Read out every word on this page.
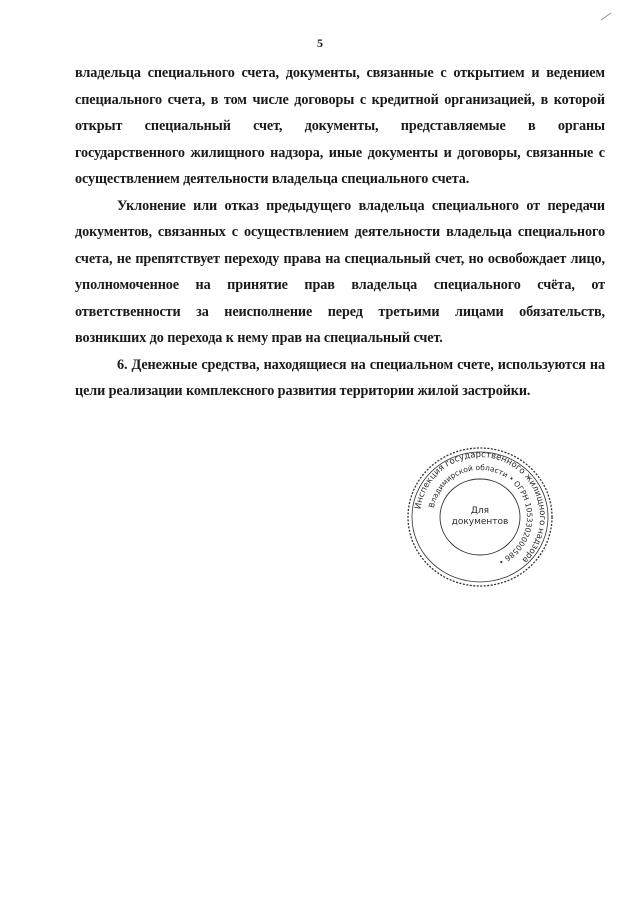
5

владельца специального счета, документы, связанные с открытием и ведением специального счета, в том числе договоры с кредитной организацией, в которой открыт специальный счет, документы, представляемые в органы государственного жилищного надзора, иные документы и договоры, связанные с осуществлением деятельности владельца специального счета.

Уклонение или отказ предыдущего владельца специального от передачи документов, связанных с осуществлением деятельности владельца специального счета, не препятствует переходу права на специальный счет, но освобождает лицо, уполномоченное на принятие прав владельца специального счёта, от ответственности за неисполнение перед третьими лицами обязательств, возникших до перехода к нему прав на специальный счет.

6. Денежные средства, находящиеся на специальном счете, используются на цели реализации комплексного развития территории жилой застройки.

Инспекция государственного жилищного надзора
Владимирской области • ОГРН 1053302000586 •
Для
документов
